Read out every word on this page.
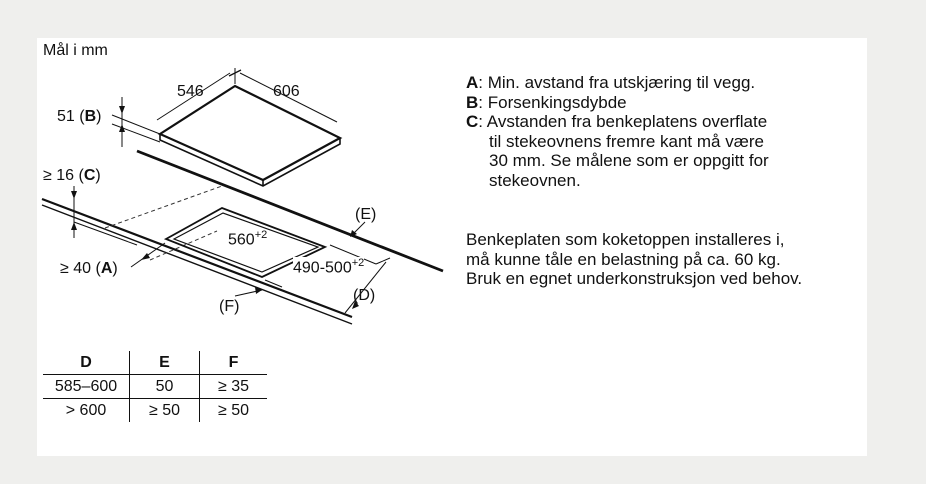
Mål i mm
546	606
51 (B)
≥ 16 (C)
≥ 40 (A)
$560^{+2}$
$490-500^{+2}$
(E)
(D)
(F)
D	E	F
585–600	50	≥ 35
> 600	≥ 50	≥ 50
A: Min. avstand fra utskjæring til vegg.
B: Forsenkingsdybde
C: Avstanden fra benkeplatens overflate
til stekeovnens fremre kant må være
30 mm. Se målene som er oppgitt for
stekeovnen.
Benkeplaten som koketoppen installeres i,
må kunne tåle en belastning på ca. 60 kg.
Bruk en egnet underkonstruksjon ved behov.
